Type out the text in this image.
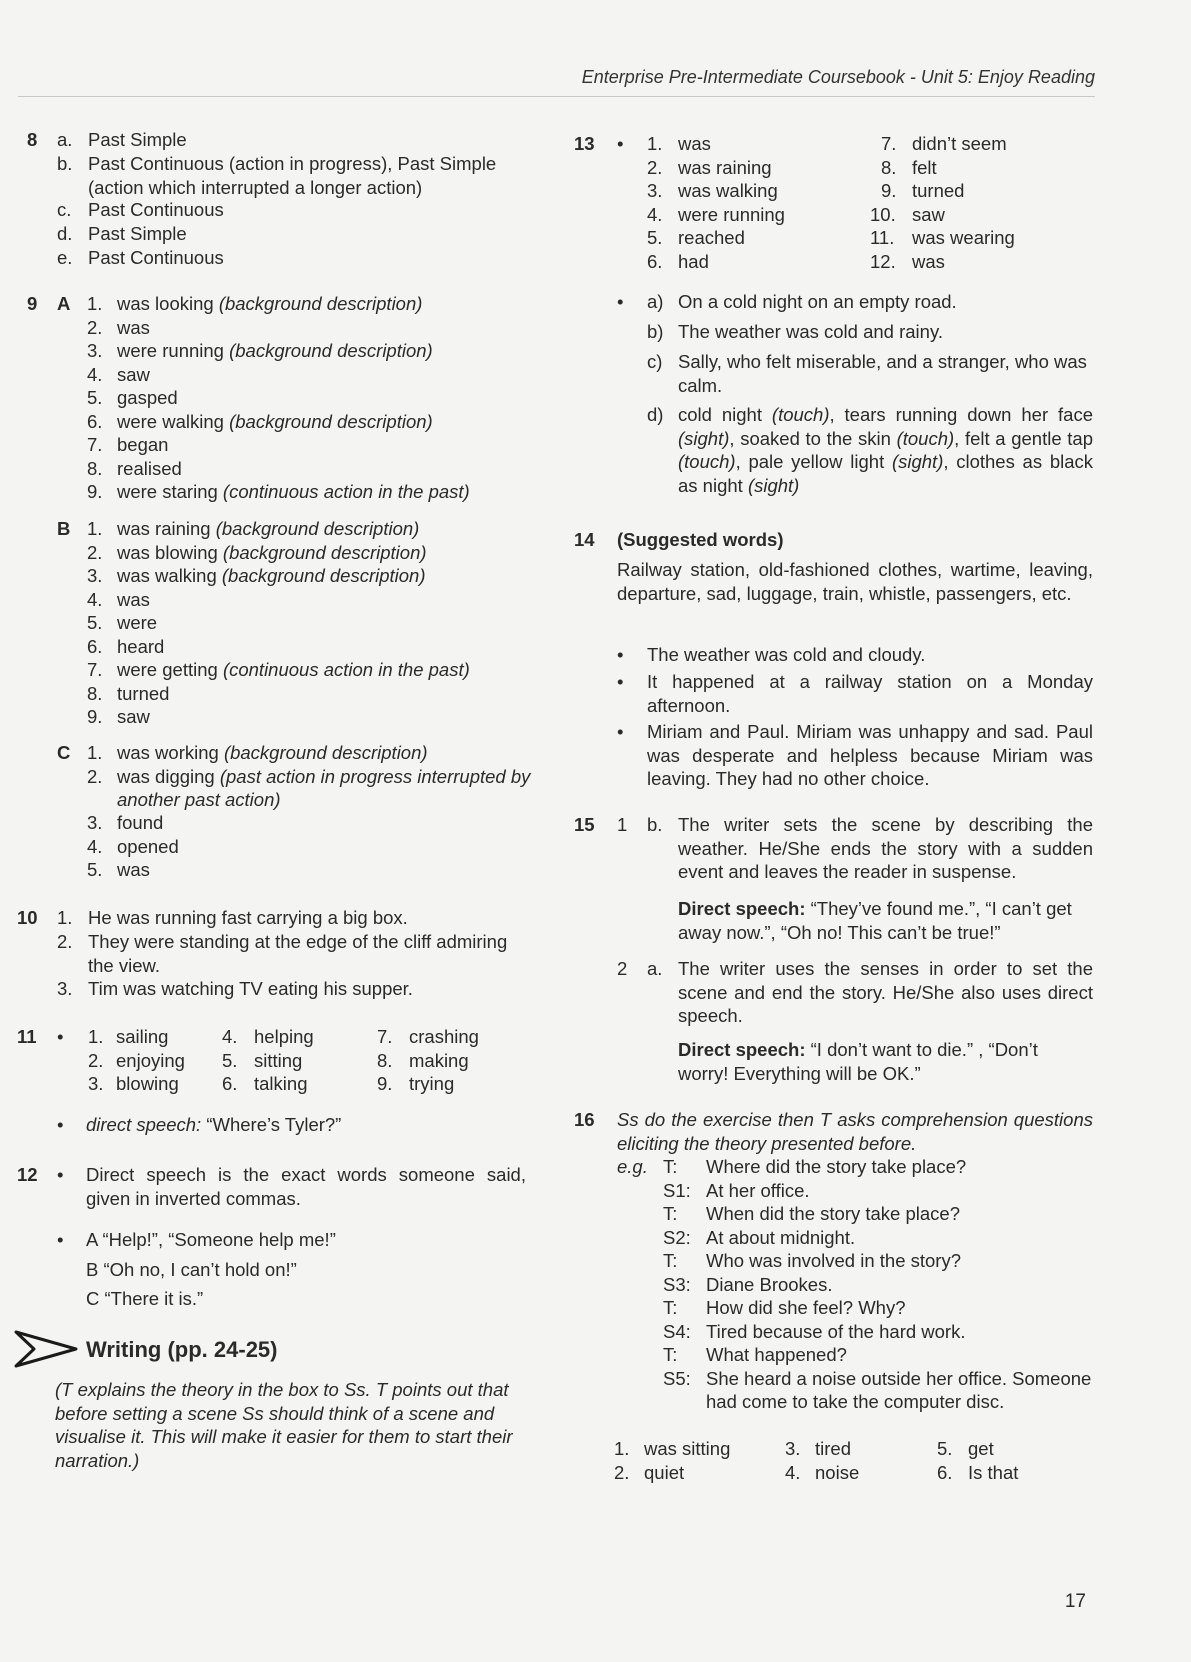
Enterprise Pre-Intermediate Coursebook - Unit 5: Enjoy Reading
8 a. Past Simple
b. Past Continuous (action in progress), Past Simple (action which interrupted a longer action)
c. Past Continuous
d. Past Simple
e. Past Continuous
9 A
B
C
1. was looking (background description)
2. was
3. were running (background description)
4. saw
5. gasped
6. were walking (background description)
7. began
8. realised
9. were staring (continuous action in the past)
1. was raining (background description)
2. was blowing (background description)
3. was walking (background description)
4. was
5. were
6. heard
7. were getting (continuous action in the past)
8. turned
9. saw
1. was working (background description)
2. was digging (past action in progress interrupted by another past action)
3. found
4. opened
5. was
10 1. He was running fast carrying a big box.
2. They were standing at the edge of the cliff admiring the view.
3. Tim was watching TV eating his supper.
11 • 1. sailing
2. enjoying
3. blowing
4. helping
5. sitting
6. talking
7. crashing
8. making
9. trying
• direct speech: “Where’s Tyler?”
12 • Direct speech is the exact words someone said, given in inverted commas.
• A “Help!”, “Someone help me!”
B “Oh no, I can’t hold on!”
C “There it is.”
Writing (pp. 24-25)
(T explains the theory in the box to Ss. T points out that before setting a scene Ss should think of a scene and visualise it. This will make it easier for them to start their narration.)
13 • 1. was
2. was raining
3. was walking
4. were running
5. reached
6. had
7. didn’t seem
8. felt
9. turned
10. saw
11. was wearing
12. was
• a) On a cold night on an empty road.
b) The weather was cold and rainy.
c) Sally, who felt miserable, and a stranger, who was calm.
d) cold night (touch), tears running down her face (sight), soaked to the skin (touch), felt a gentle tap (touch), pale yellow light (sight), clothes as black as night (sight)
14 (Suggested words)
Railway station, old-fashioned clothes, wartime, leaving, departure, sad, luggage, train, whistle, passengers, etc.
• The weather was cold and cloudy.
• It happened at a railway station on a Monday afternoon.
• Miriam and Paul. Miriam was unhappy and sad. Paul was desperate and helpless because Miriam was leaving. They had no other choice.
15 1 b. The writer sets the scene by describing the weather. He/She ends the story with a sudden event and leaves the reader in suspense.
Direct speech: “They’ve found me.”, “I can’t get away now.”, “Oh no! This can’t be true!”
2 a. The writer uses the senses in order to set the scene and end the story. He/She also uses direct speech.
Direct speech: “I don’t want to die.” , “Don’t worry! Everything will be OK.”
16 Ss do the exercise then T asks comprehension questions eliciting the theory presented before.
e.g. T: Where did the story take place?
S1: At her office.
T: When did the story take place?
S2: At about midnight.
T: Who was involved in the story?
S3: Diane Brookes.
T: How did she feel? Why?
S4: Tired because of the hard work.
T: What happened?
S5: She heard a noise outside her office. Someone had come to take the computer disc.
1. was sitting
2. quiet
3. tired
4. noise
5. get
6. Is that
17
